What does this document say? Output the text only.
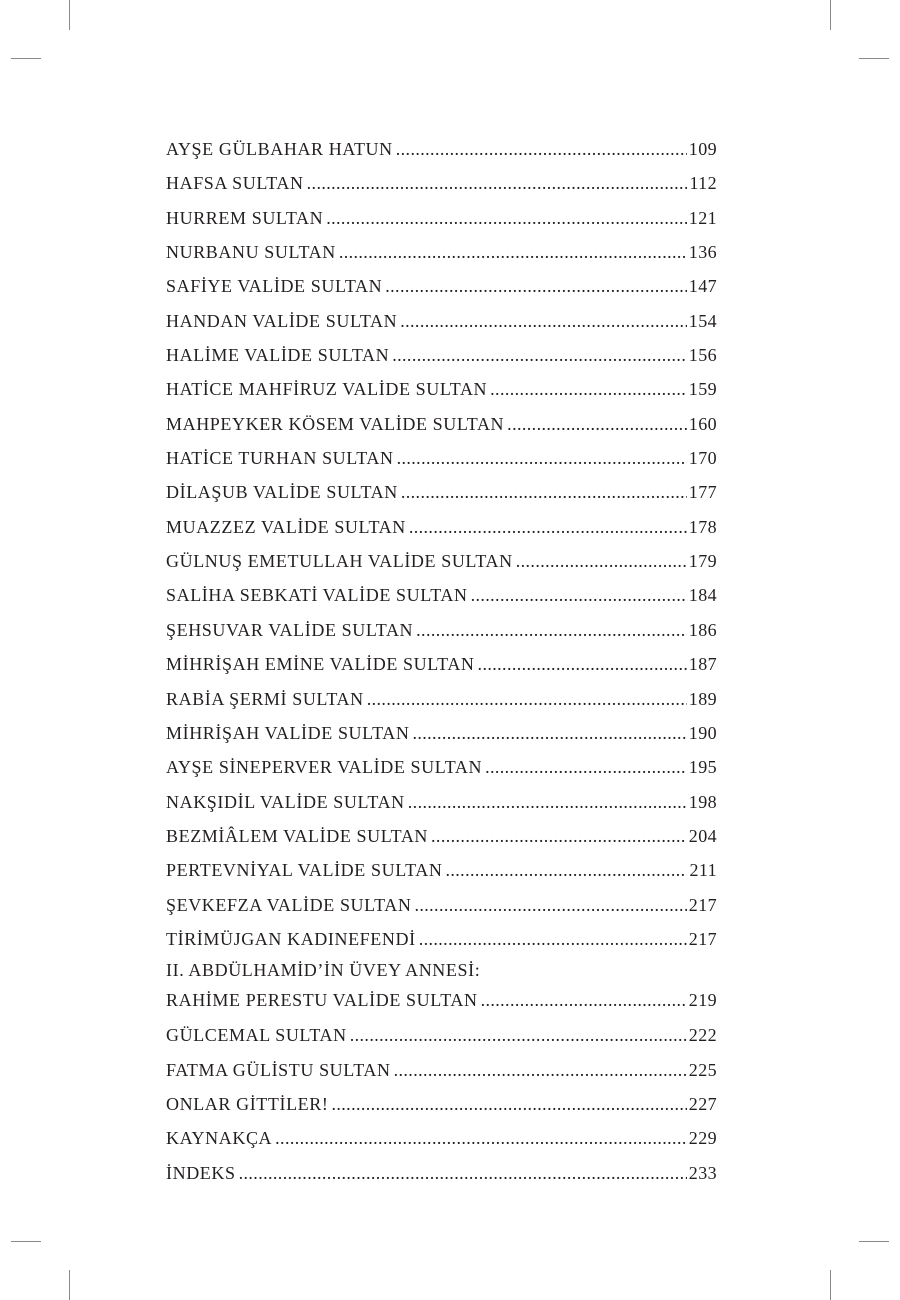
AYŞE GÜLBAHAR HATUN .....	109
HAFSA SULTAN .....	112
HURREM SULTAN .....	121
NURBANU SULTAN .....	136
SAFİYE VALİDE SULTAN .....	147
HANDAN VALİDE SULTAN .....	154
HALİME VALİDE SULTAN .....	156
HATİCE MAHFİRUZ VALİDE SULTAN .....	159
MAHPEYKER KÖSEM VALİDE SULTAN .....	160
HATİCE TURHAN SULTAN .....	170
DİLAŞUB VALİDE SULTAN .....	177
MUAZZEZ VALİDE SULTAN .....	178
GÜLNUŞ EMETULLAH VALİDE SULTAN .....	179
SALİHA SEBKATİ VALİDE SULTAN .....	184
ŞEHSUVAR VALİDE SULTAN .....	186
MİHRİŞAH EMİNE VALİDE SULTAN .....	187
RABİA ŞERMİ SULTAN .....	189
MİHRİŞAH VALİDE SULTAN .....	190
AYŞE SİNEPERVER VALİDE SULTAN .....	195
NAKŞIDİL VALİDE SULTAN .....	198
BEZMİÂLEM VALİDE SULTAN .....	204
PERTEVNİYAL VALİDE SULTAN .....	211
ŞEVKEFZA VALİDE SULTAN .....	217
TİRİMÜJGAN KADINEFENDİ .....	217
II. ABDÜLHAMİD’İN ÜVEY ANNESİ:
RAHİME PERESTU VALİDE SULTAN .....	219
GÜLCEMAL SULTAN .....	222
FATMA GÜLİSTU SULTAN .....	225
ONLAR GİTTİLER! .....	227
KAYNAKÇA .....	229
İNDEKS .....	233
